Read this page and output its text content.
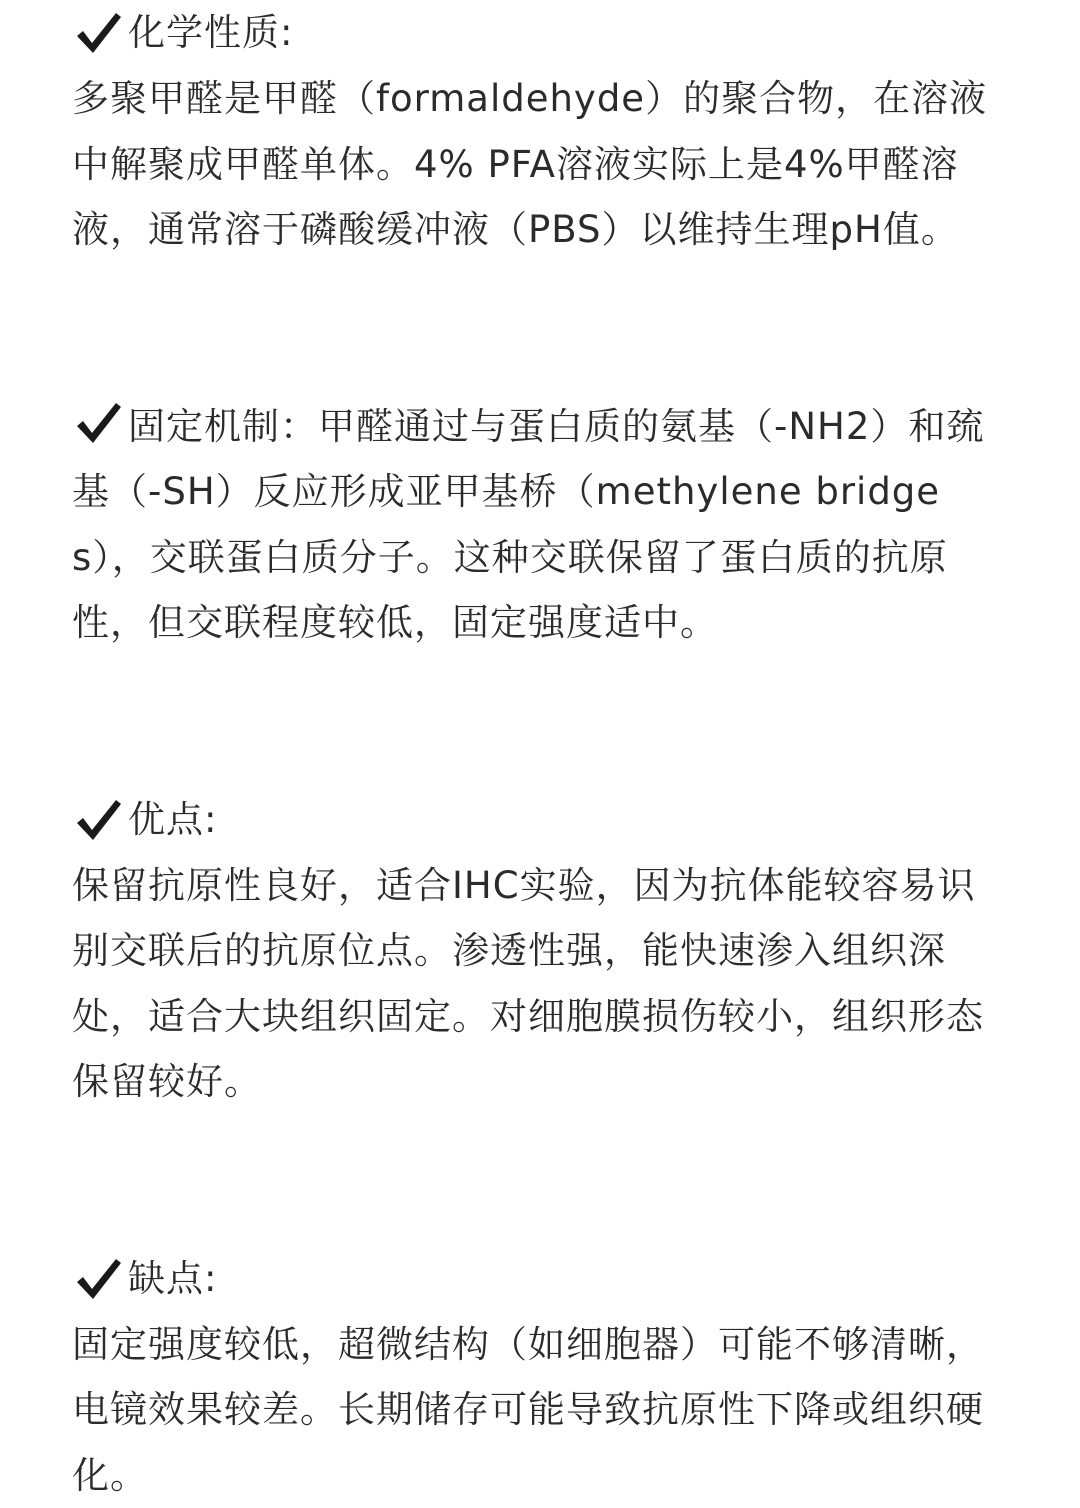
化学性质:

多聚甲醛是甲醛（formaldehyde）的聚合物，在溶液中解聚成甲醛单体。4% PFA溶液实际上是4%甲醛溶液，通常溶于磷酸缓冲液（PBS）以维持生理pH值。

固定机制：甲醛通过与蛋白质的氨基（-NH2）和巯基（-SH）反应形成亚甲基桥（methylene bridges），交联蛋白质分子。这种交联保留了蛋白质的抗原性，但交联程度较低，固定强度适中。

优点:

保留抗原性良好，适合IHC实验，因为抗体能较容易识别交联后的抗原位点。渗透性强，能快速渗入组织深处，适合大块组织固定。对细胞膜损伤较小，组织形态保留较好。

缺点:

固定强度较低，超微结构（如细胞器）可能不够清晰，电镜效果较差。长期储存可能导致抗原性下降或组织硬化。
